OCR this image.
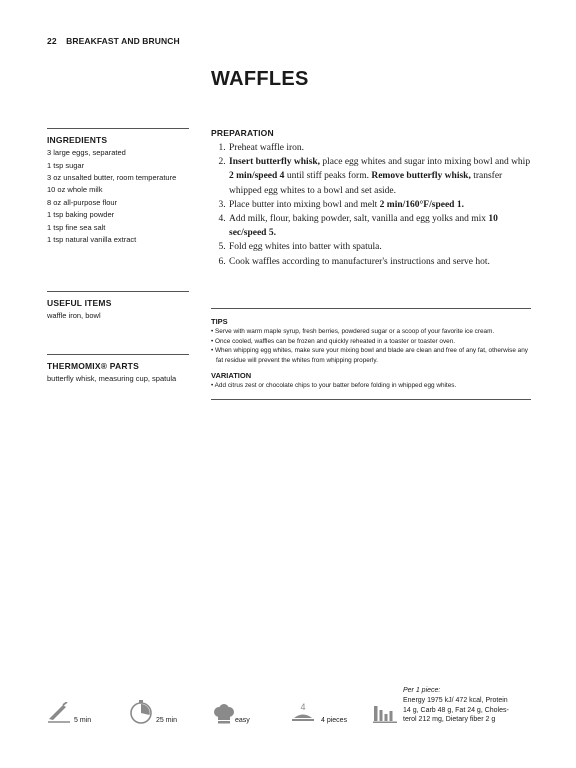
22 BREAKFAST AND BRUNCH
WAFFLES
INGREDIENTS
3 large eggs, separated
1 tsp sugar
3 oz unsalted butter, room temperature
10 oz whole milk
8 oz all-purpose flour
1 tsp baking powder
1 tsp fine sea salt
1 tsp natural vanilla extract
USEFUL ITEMS

waffle iron, bowl

THERMOMIX® PARTS

butterfly whisk, measuring cup, spatula

PREPARATION
1. Preheat waffle iron.
2. Insert butterfly whisk, place egg whites and sugar into mixing bowl and whip 2 min/speed 4 until stiff peaks form. Remove butterfly whisk, transfer whipped egg whites to a bowl and set aside.
3. Place butter into mixing bowl and melt 2 min/160°F/speed 1.
4. Add milk, flour, baking powder, salt, vanilla and egg yolks and mix 10 sec/speed 5.
5. Fold egg whites into batter with spatula.
6. Cook waffles according to manufacturer's instructions and serve hot.
TIPS
• Serve with warm maple syrup, fresh berries, powdered sugar or a scoop of your favorite ice cream.
• Once cooled, waffles can be frozen and quickly reheated in a toaster or toaster oven.
• When whipping egg whites, make sure your mixing bowl and blade are clean and free of any fat, otherwise any fat residue will prevent the whites from whipping properly.
VARIATION
• Add citrus zest or chocolate chips to your batter before folding in whipped egg whites.
5 min	25 min	easy
4
4 pieces
Per 1 piece:
Energy 1975 kJ/ 472 kcal, Protein
14 g, Carb 48 g, Fat 24 g, Choles-
terol 212 mg, Dietary fiber 2 g
